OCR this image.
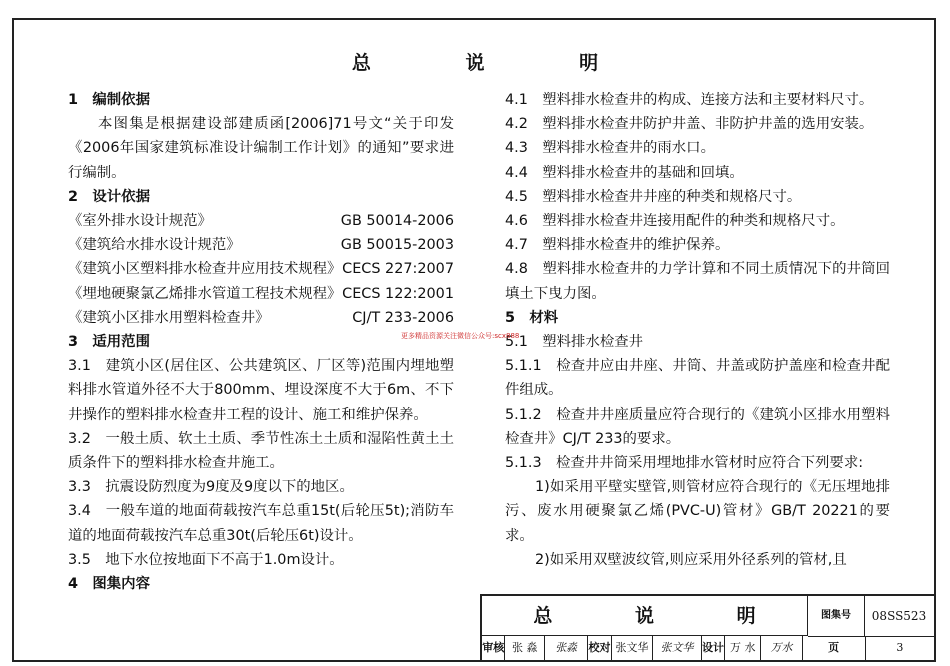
总 说 明
1　编制依据
本图集是根据建设部建质函[2006]71号文“关于印发《2006年国家建筑标准设计编制工作计划》的通知”要求进行编制。
2　设计依据
《室外排水设计规范》	GB 50014-2006
《建筑给水排水设计规范》	GB 50015-2003
《建筑小区塑料排水检查井应用技术规程》 CECS 227:2007
《埋地硬聚氯乙烯排水管道工程技术规程》 CECS 122:2001
《建筑小区排水用塑料检查井》	CJ/T 233-2006
3　适用范围
3.1　建筑小区(居住区、公共建筑区、厂区等)范围内埋地塑料排水管道外径不大于800mm、埋设深度不大于6m、不下井操作的塑料排水检查井工程的设计、施工和维护保养。
3.2　一般土质、软土土质、季节性冻土土质和湿陷性黄土土质条件下的塑料排水检查井施工。
3.3　抗震设防烈度为9度及9度以下的地区。
3.4　一般车道的地面荷载按汽车总重15t(后轮压5t);消防车道的地面荷载按汽车总重30t(后轮压6t)设计。
3.5　地下水位按地面下不高于1.0m设计。
4　图集内容
4.1　塑料排水检查井的构成、连接方法和主要材料尺寸。
4.2　塑料排水检查井防护井盖、非防护井盖的选用安装。
4.3　塑料排水检查井的雨水口。
4.4　塑料排水检查井的基础和回填。
4.5　塑料排水检查井井座的种类和规格尺寸。
4.6　塑料排水检查井连接用配件的种类和规格尺寸。
4.7　塑料排水检查井的维护保养。
4.8　塑料排水检查井的力学计算和不同土质情况下的井筒回填土下曳力图。
5　材料
5.1　塑料排水检查井
5.1.1　检查井应由井座、井筒、井盖或防护盖座和检查井配件组成。
5.1.2　检查井井座质量应符合现行的《建筑小区排水用塑料检查井》CJ/T 233的要求。
5.1.3　检查井井筒采用埋地排水管材时应符合下列要求:
1)如采用平壁实壁管,则管材应符合现行的《无压埋地排污、废水用硬聚氯乙烯(PVC-U)管材》GB/T 20221的要求。
2)如采用双壁波纹管,则应采用外径系列的管材,且
更多精品资源关注微信公众号:scx888
总 说 明	图集号	08SS523
审核 张 淼	张淼	校对 张文华	张文华 设计 万 水	万水	页	3
